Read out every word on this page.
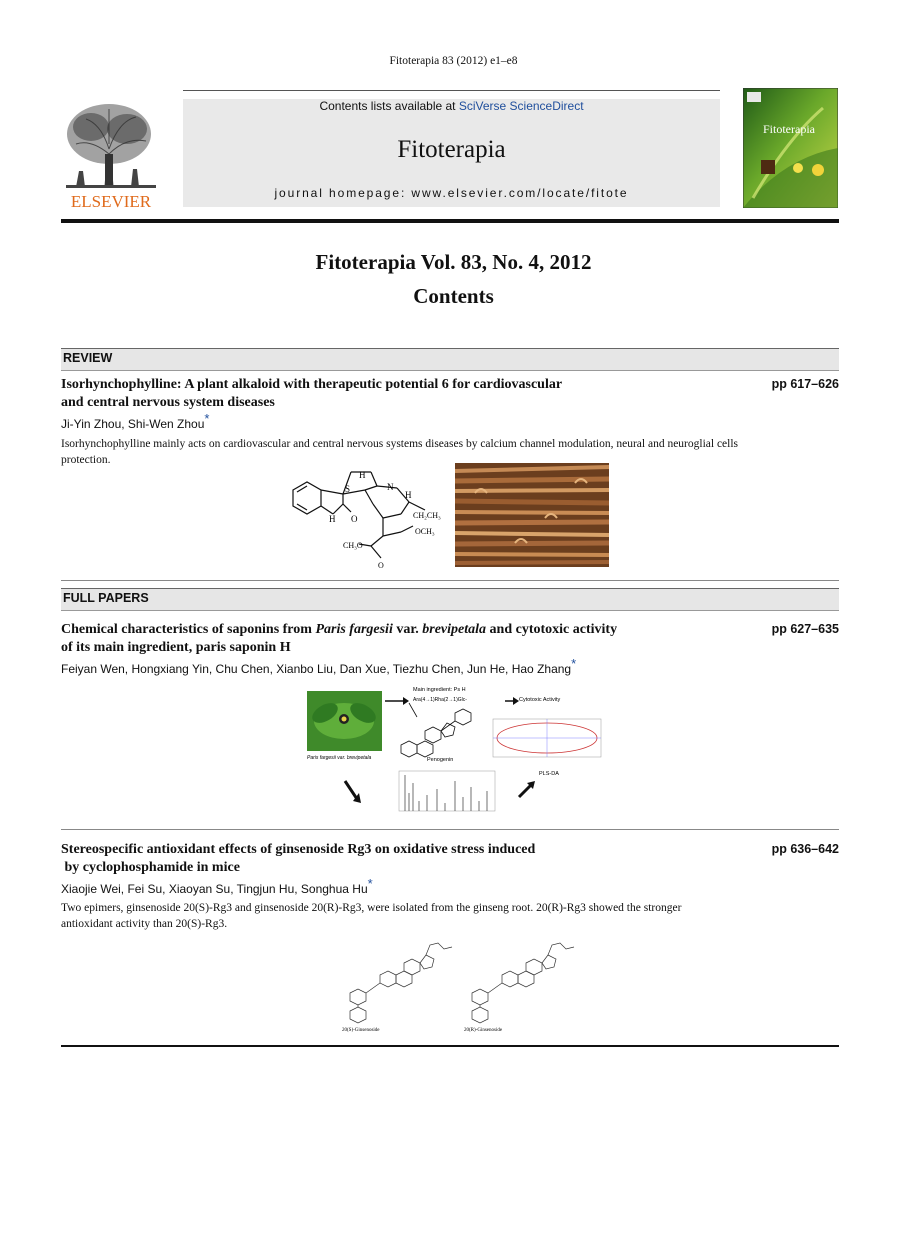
Fitoterapia 83 (2012) e1–e8
ELSEVIER
Contents lists available at SciVerse ScienceDirect
Fitoterapia
journal homepage: www.elsevier.com/locate/fitote
Fitoterapia
Fitoterapia Vol. 83, No. 4, 2012
Contents
REVIEW
Isorhynchophylline: A plant alkaloid with therapeutic potential 6 for cardiovascular
and central nervous system diseases
pp 617–626
Ji-Yin Zhou, Shi-Wen Zhou*
Isorhynchophylline mainly acts on cardiovascular and central nervous systems diseases by calcium channel modulation, neural and neuroglial cells protection.
S
H
N
H
O
H	CH₂CH₃
OCH₃
CH₃O
O
FULL PAPERS
Chemical characteristics of saponins from Paris fargesii var. brevipetala and cytotoxic activity
of its main ingredient, paris saponin H
pp 627–635
Feiyan Wen, Hongxiang Yin, Chu Chen, Xianbo Liu, Dan Xue, Tiezhu Chen, Jun He, Hao Zhang*
Paris fargesii var. brevipetala
Main ingredient: Ps H
Ara(4→1)Rha(2→1)Glc-
Penogenin
Cytotoxic Activity
PLS-DA
Stereospecific antioxidant effects of ginsenoside Rg3 on oxidative stress induced
by cyclophosphamide in mice
pp 636–642
Xiaojie Wei, Fei Su, Xiaoyan Su, Tingjun Hu, Songhua Hu*
Two epimers, ginsenoside 20(S)-Rg3 and ginsenoside 20(R)-Rg3, were isolated from the ginseng root. 20(R)-Rg3 showed the stronger
antioxidant activity than 20(S)-Rg3.
20(S)-Ginsenoside	20(R)-Ginsenoside
